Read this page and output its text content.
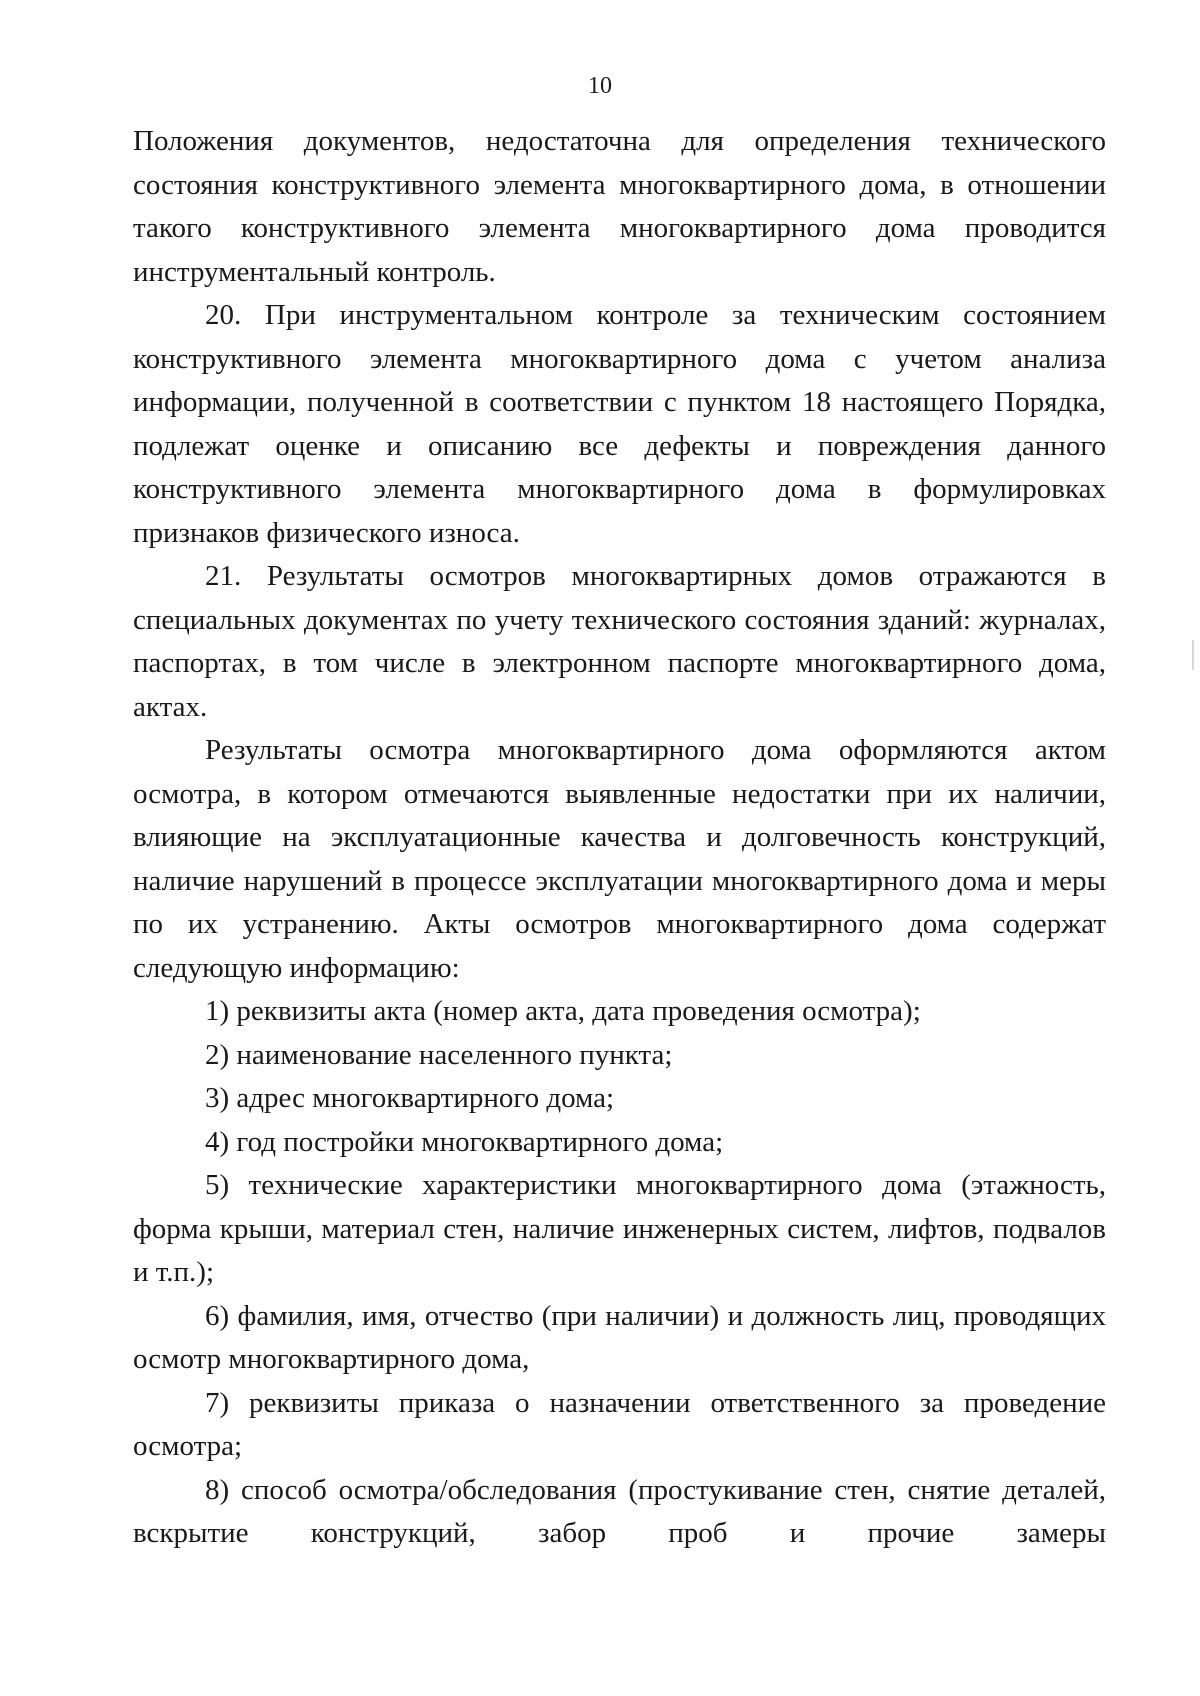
10

Положения документов, недостаточна для определения технического состояния конструктивного элемента многоквартирного дома, в отношении такого конструктивного элемента многоквартирного дома проводится инструментальный контроль.

20. При инструментальном контроле за техническим состоянием конструктивного элемента многоквартирного дома с учетом анализа информации, полученной в соответствии с пунктом 18 настоящего Порядка, подлежат оценке и описанию все дефекты и повреждения данного конструктивного элемента многоквартирного дома в формулировках признаков физического износа.

21. Результаты осмотров многоквартирных домов отражаются в специальных документах по учету технического состояния зданий: журналах, паспортах, в том числе в электронном паспорте многоквартирного дома, актах.

Результаты осмотра многоквартирного дома оформляются актом осмотра, в котором отмечаются выявленные недостатки при их наличии, влияющие на эксплуатационные качества и долговечность конструкций, наличие нарушений в процессе эксплуатации многоквартирного дома и меры по их устранению. Акты осмотров многоквартирного дома содержат следующую информацию:

1) реквизиты акта (номер акта, дата проведения осмотра);

2) наименование населенного пункта;

3) адрес многоквартирного дома;

4) год постройки многоквартирного дома;

5) технические характеристики многоквартирного дома (этажность, форма крыши, материал стен, наличие инженерных систем, лифтов, подвалов и т.п.);

6) фамилия, имя, отчество (при наличии) и должность лиц, проводящих осмотр многоквартирного дома,

7) реквизиты приказа о назначении ответственного за проведение осмотра;

8) способ осмотра/обследования (простукивание стен, снятие деталей, вскрытие конструкций, забор проб и прочие замеры
